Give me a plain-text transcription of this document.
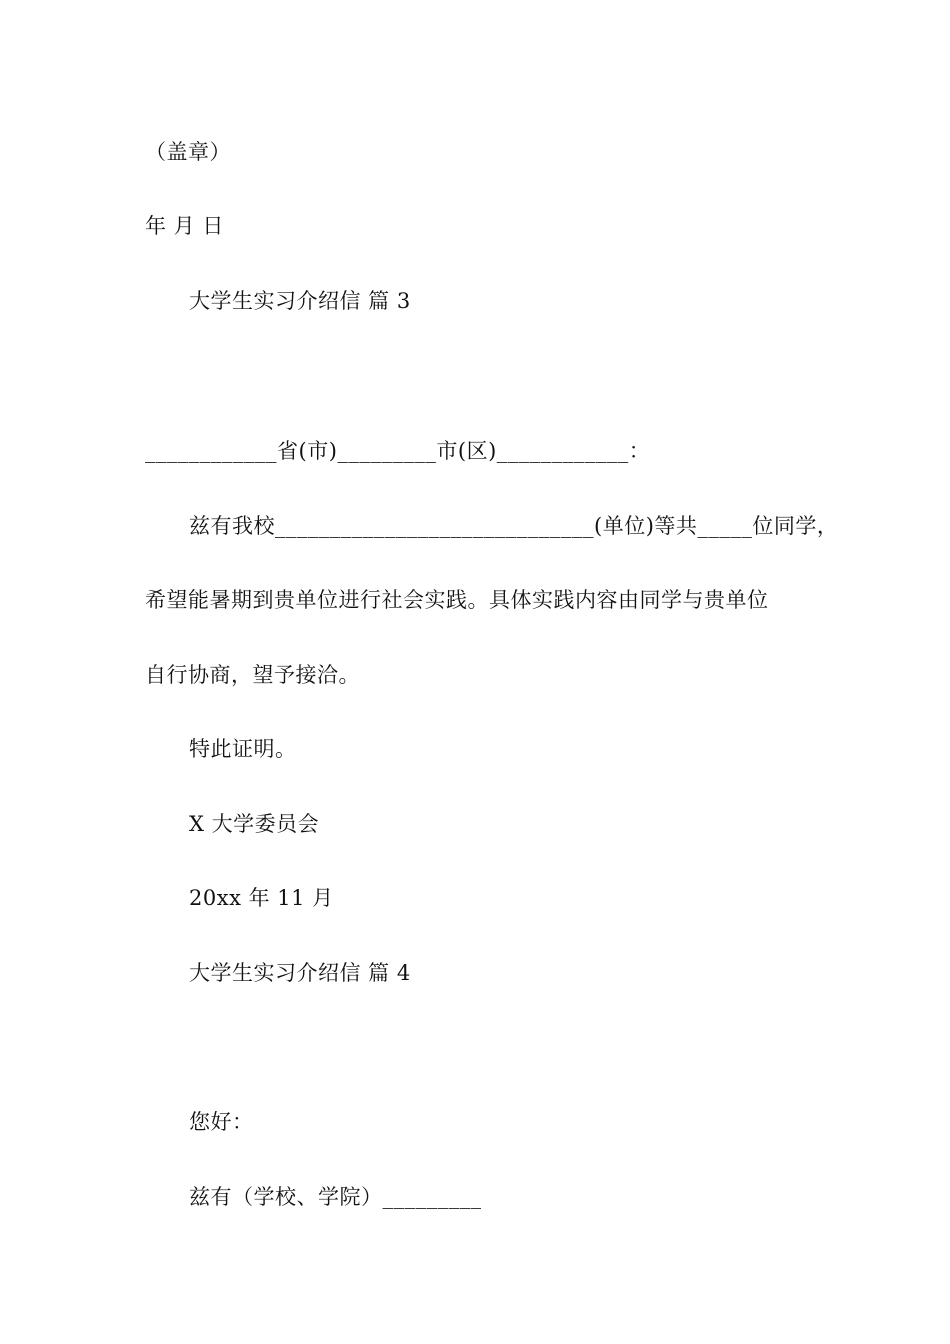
（盖章）
年 月 日
大学生实习介绍信 篇 3
____________省(市)_________市(区)____________：
兹有我校_____________________________(单位)等共_____位同学，
希望能暑期到贵单位进行社会实践。具体实践内容由同学与贵单位
自行协商，望予接洽。
特此证明。
X 大学委员会
20xx 年 11 月
大学生实习介绍信 篇 4
您好：
兹有（学校、学院）_________
